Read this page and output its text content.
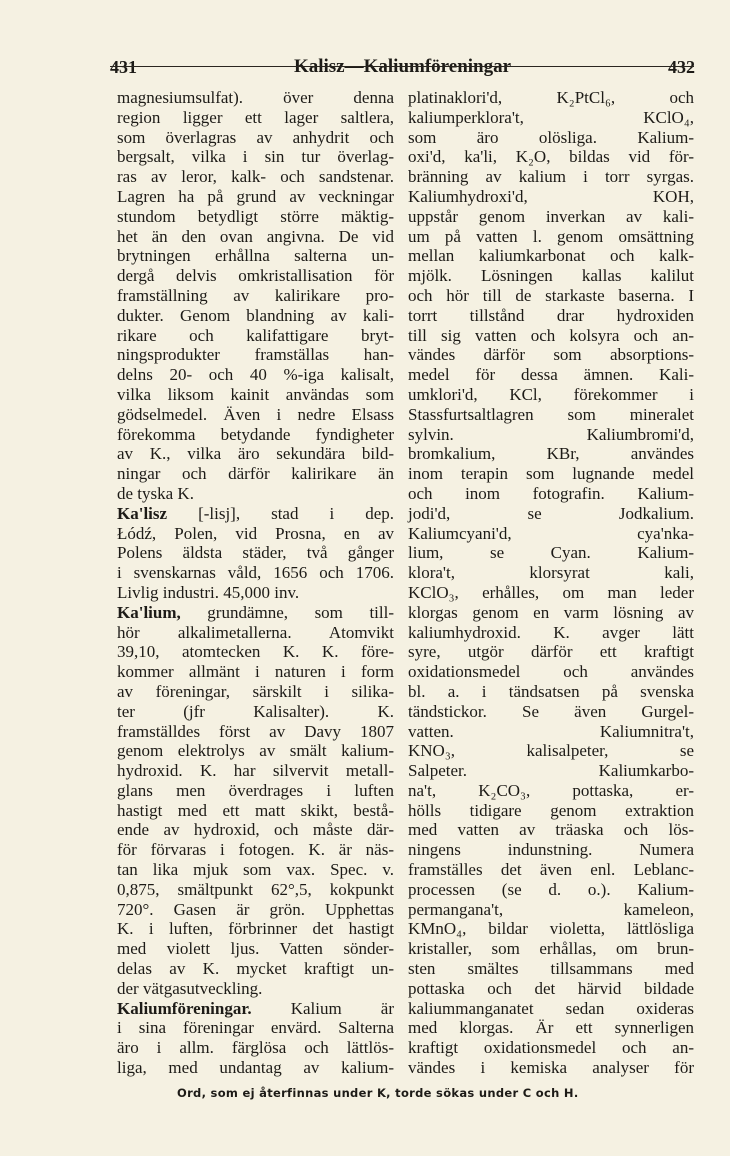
431	Kalisz—Kaliumföreningar	432
magnesiumsulfat). över denna
region ligger ett lager saltlera,
som överlagras av anhydrit och
bergsalt, vilka i sin tur överlag-
ras av leror, kalk- och sandstenar.
Lagren ha på grund av veckningar
stundom betydligt större mäktig-
het än den ovan angivna. De vid
brytningen erhållna salterna un-
dergå delvis omkristallisation för
framställning av kalirikare pro-
dukter. Genom blandning av kali-
rikare och kalifattigare bryt-
ningsprodukter framställas han-
delns 20- och 40 %-iga kalisalt,
vilka liksom kainit användas som
gödselmedel. Även i nedre Elsass
förekomma betydande fyndigheter
av K., vilka äro sekundära bild-
ningar och därför kalirikare än
de tyska K.
Ka'lisz [-lisj], stad i dep.
Łódź, Polen, vid Prosna, en av
Polens äldsta städer, två gånger
i svenskarnas våld, 1656 och 1706.
Livlig industri. 45,000 inv.
Ka'lium, grundämne, som till-
hör alkalimetallerna. Atomvikt
39,10, atomtecken K. K. före-
kommer allmänt i naturen i form
av föreningar, särskilt i silika-
ter (jfr Kalisalter). K.
framställdes först av Davy 1807
genom elektrolys av smält kalium-
hydroxid. K. har silvervit metall-
glans men överdrages i luften
hastigt med ett matt skikt, bestå-
ende av hydroxid, och måste där-
för förvaras i fotogen. K. är näs-
tan lika mjuk som vax. Spec. v.
0,875, smältpunkt 62°,5, kokpunkt
720°. Gasen är grön. Upphettas
K. i luften, förbrinner det hastigt
med violett ljus. Vatten sönder-
delas av K. mycket kraftigt un-
der vätgasutveckling.
Kaliumföreningar. Kalium är
i sina föreningar envärd. Salterna
äro i allm. färglösa och lättlös-
liga, med undantag av kalium-
platinaklori'd, K₂PtCl₆, och
kaliumperklora't, KClO₄,
som äro olösliga. Kalium-
oxi'd, ka'li, K₂O, bildas vid för-
bränning av kalium i torr syrgas.
Kaliumhydroxi'd, KOH,
uppstår genom inverkan av kali-
um på vatten l. genom omsättning
mellan kaliumkarbonat och kalk-
mjölk. Lösningen kallas kalilut
och hör till de starkaste baserna. I
torrt tillstånd drar hydroxiden
till sig vatten och kolsyra och an-
vändes därför som absorptions-
medel för dessa ämnen. Kali-
umklori'd, KCl, förekommer i
Stassfurtsaltlagren som mineralet
sylvin. Kaliumbromi'd,
bromkalium, KBr, användes
inom terapin som lugnande medel
och inom fotografin. Kalium-
jodi'd, se Jodkalium.
Kaliumcyani'd, cya'nka-
lium, se Cyan. Kalium-
klora't, klorsyrat kali,
KClO₃, erhålles, om man leder
klorgas genom en varm lösning av
kaliumhydroxid. K. avger lätt
syre, utgör därför ett kraftigt
oxidationsmedel och användes
bl. a. i tändsatsen på svenska
tändstickor. Se även Gurgel-
vatten. Kaliumnitra't,
KNO₃, kalisalpeter, se
Salpeter. Kaliumkarbo-
na't, K₂CO₃, pottaska, er-
hölls tidigare genom extraktion
med vatten av träaska och lös-
ningens indunstning. Numera
framställes det även enl. Leblanc-
processen (se d. o.). Kalium-
permanganа't, kameleon,
KMnO₄, bildar violetta, lättlösliga
kristaller, som erhållas, om brun-
sten smältes tillsammans med
pottaska och det härvid bildade
kaliummanganatet sedan oxideras
med klorgas. Är ett synnerligen
kraftigt oxidationsmedel och an-
vändes i kemiska analyser för
Ord, som ej återfinnas under K, torde sökas under C och H.
